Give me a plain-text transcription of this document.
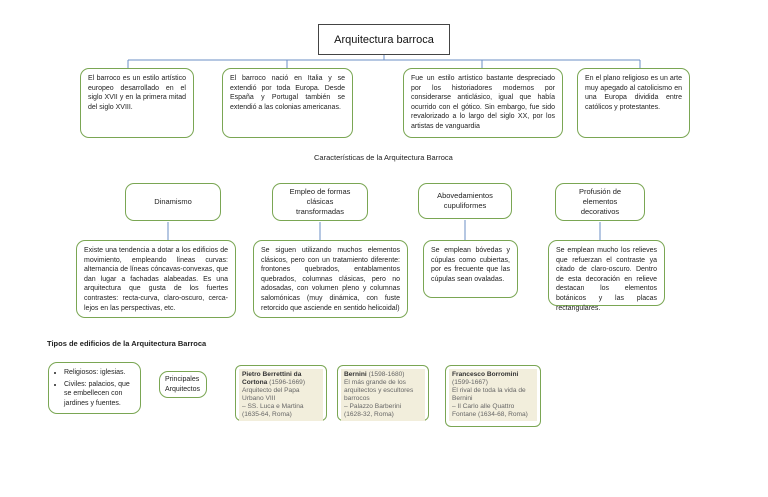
Arquitectura barroca
El barroco es un estilo artístico europeo desarrollado en el siglo XVII y en la primera mitad del siglo XVIII.
El barroco nació en Italia y se extendió por toda Europa. Desde España y Portugal también se extendió a las colonias americanas.
Fue un estilo artístico bastante despreciado por los historiadores modernos por considerarse anticlásico, igual que había ocurrido con el gótico. Sin embargo, fue sido revalorizado a lo largo del siglo XX, por los artistas de vanguardia
En el plano religioso es un arte muy apegado al catolicismo en una Europa dividida entre católicos y protestantes.
Características de la Arquitectura Barroca
Dinamismo
Empleo de formas clásicas transformadas
Abovedamientos cupuliformes
Profusión de elementos decorativos
Existe una tendencia a dotar a los edificios de movimiento, empleando líneas curvas: alternancia de líneas cóncavas-convexas, que dan lugar a fachadas alabeadas. Es una arquitectura que gusta de los fuertes contrastes: recta-curva, claro-oscuro, cerca-lejos en las perspectivas, etc.
Se siguen utilizando muchos elementos clásicos, pero con un tratamiento diferente: frontones quebrados, entablamentos quebrados, columnas clásicas, pero no adosadas, con volumen pleno y columnas salomónicas (muy dinámica, con fuste retorcido que asciende en sentido helicoidal)
Se emplean bóvedas y cúpulas como cubiertas, por es frecuente que las cúpulas sean ovaladas.
Se emplean mucho los relieves que refuerzan el contraste ya citado de claro-oscuro. Dentro de esta decoración en relieve destacan los elementos botánicos y las placas rectangulares.
Tipos de edificios de la Arquitectura Barroca
• Religiosos: iglesias.
• Civiles: palacios, que se embellecen con jardines y fuentes.
Principales Arquitectos
Pietro Berrettini da Cortona (1596-1669)
Arquitecto del Papa Urbano VIII
– SS. Luca e Martina (1635-64, Roma)
Bernini (1598-1680)
El más grande de los arquitectos y escultores barrocos
– Palazzo Barberini (1628-32, Roma)
Francesco Borromini (1599-1667)
El rival de toda la vida de Bernini
– Il Carlo alle Quattro Fontane (1634-68, Roma)
